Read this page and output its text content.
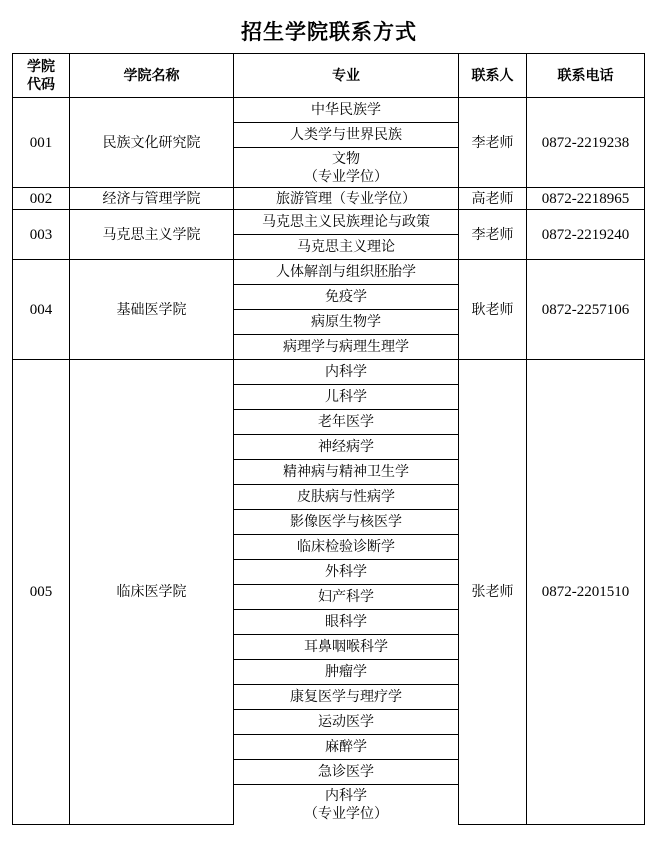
招生学院联系方式
学院
代码	学院名称	专业	联系人	联系电话
001	民族文化研究院	中华民族学	李老师	0872-2219238
		人类学与世界民族		

		文物
（专业学位）		

002	经济与管理学院	旅游管理（专业学位）	高老师	0872-2218965
003	马克思主义学院	马克思主义民族理论与政策	李老师	0872-2219240
		马克思主义理论		
004	基础医学院	人体解剖与组织胚胎学	耿老师	0872-2257106
		免疫学		
		病原生物学		
		病理学与病理生理学		
005	临床医学院	内科学	张老师	0872-2201510
		儿科学		
		老年医学		
		神经病学		
		精神病与精神卫生学		
		皮肤病与性病学		
		影像医学与核医学		
		临床检验诊断学		
		外科学		
		妇产科学		
		眼科学		
		耳鼻咽喉科学		
		肿瘤学		
		康复医学与理疗学		
		运动医学		
		麻醉学		
		急诊医学		

		内科学
（专业学位）		
